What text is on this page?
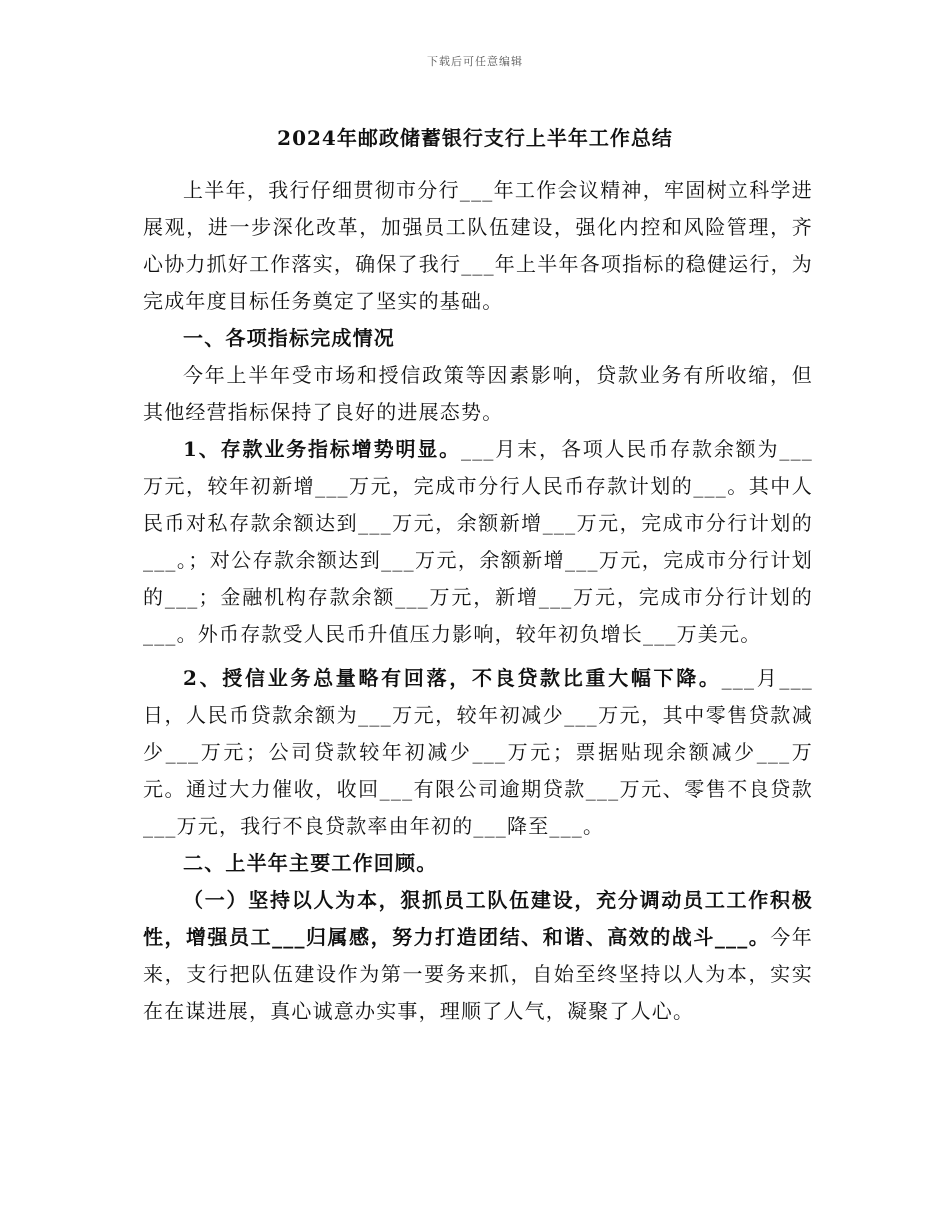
下载后可任意编辑
2024年邮政储蓄银行支行上半年工作总结

上半年，我行仔细贯彻市分行___年工作会议精神，牢固树立科学进展观，进一步深化改革，加强员工队伍建设，强化内控和风险管理，齐心协力抓好工作落实，确保了我行___年上半年各项指标的稳健运行，为完成年度目标任务奠定了坚实的基础。

一、各项指标完成情况

今年上半年受市场和授信政策等因素影响，贷款业务有所收缩，但其他经营指标保持了良好的进展态势。

1、存款业务指标增势明显。___月末，各项人民币存款余额为___万元，较年初新增___万元，完成市分行人民币存款计划的___。其中人民币对私存款余额达到___万元，余额新增___万元，完成市分行计划的___。；对公存款余额达到___万元，余额新增___万元，完成市分行计划的___；金融机构存款余额___万元，新增___万元，完成市分行计划的___。外币存款受人民币升值压力影响，较年初负增长___万美元。

2、授信业务总量略有回落，不良贷款比重大幅下降。___月___日，人民币贷款余额为___万元，较年初减少___万元，其中零售贷款减少___万元；公司贷款较年初减少___万元；票据贴现余额减少___万元。通过大力催收，收回___有限公司逾期贷款___万元、零售不良贷款___万元，我行不良贷款率由年初的___降至___。

二、上半年主要工作回顾。

（一）坚持以人为本，狠抓员工队伍建设，充分调动员工工作积极性，增强员工___归属感，努力打造团结、和谐、高效的战斗___。今年来，支行把队伍建设作为第一要务来抓，自始至终坚持以人为本，实实在在谋进展，真心诚意办实事，理顺了人气，凝聚了人心。
